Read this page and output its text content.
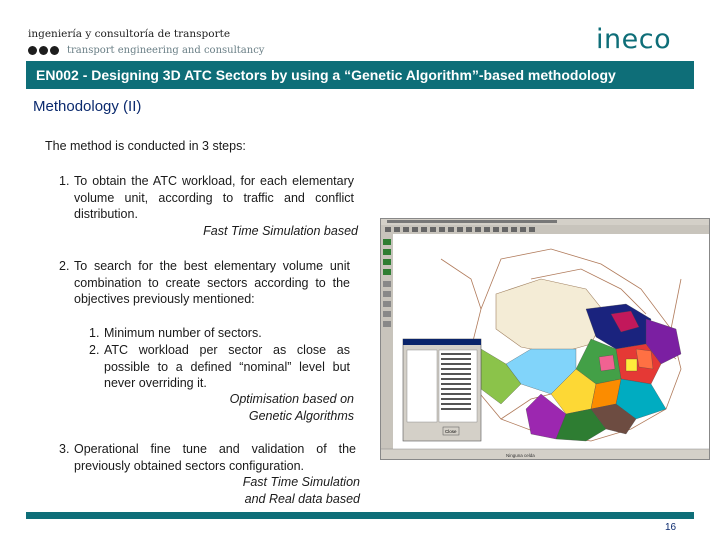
ingeniería y consultoría de transporte
transport engineering and consultancy	ineco
EN002 - Designing 3D ATC Sectors by using a “Genetic Algorithm”-based methodology
Methodology (II)
The method is conducted in 3 steps:
1. To obtain the ATC workload, for each elementary volume unit, according to traffic and conflict distribution.
Fast Time Simulation based
2. To search for the best elementary volume unit combination to create sectors according to the objectives previously mentioned:
1. Minimum number of sectors.
2. ATC workload per sector as close as possible to a defined “nominal” level but never overriding it.
Optimisation based on Genetic Algorithms
3. Operational fine tune and validation of the previously obtained sectors configuration.
Fast Time Simulation and Real data based
Close
Ninguna celda
16
